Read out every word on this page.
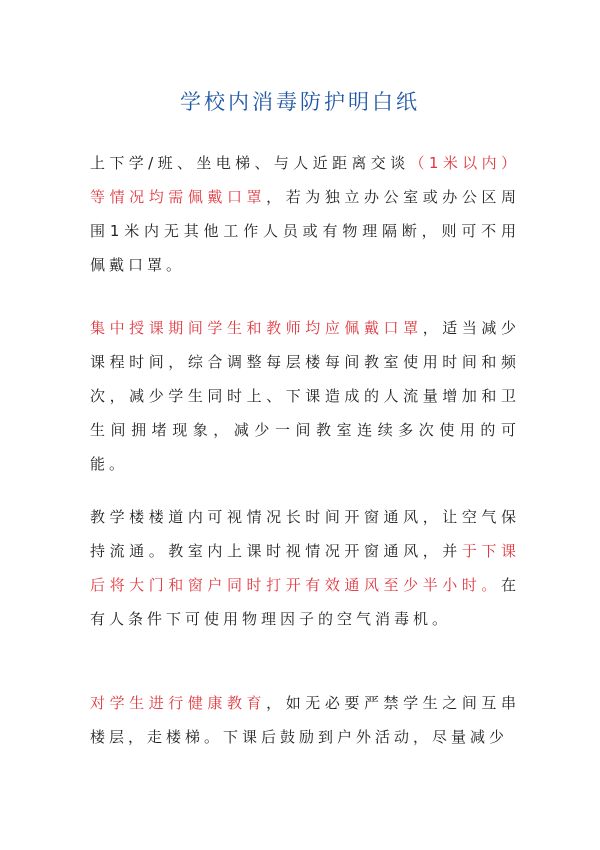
学校内消毒防护明白纸

上下学/班、坐电梯、与人近距离交谈（1米以内）等情况均需佩戴口罩，若为独立办公室或办公区周围1米内无其他工作人员或有物理隔断，则可不用佩戴口罩。

集中授课期间学生和教师均应佩戴口罩，适当减少课程时间，综合调整每层楼每间教室使用时间和频次，减少学生同时上、下课造成的人流量增加和卫生间拥堵现象，减少一间教室连续多次使用的可能。

教学楼楼道内可视情况长时间开窗通风，让空气保持流通。教室内上课时视情况开窗通风，并于下课后将大门和窗户同时打开有效通风至少半小时。在有人条件下可使用物理因子的空气消毒机。

对学生进行健康教育，如无必要严禁学生之间互串楼层，走楼梯。下课后鼓励到户外活动，尽量减少
